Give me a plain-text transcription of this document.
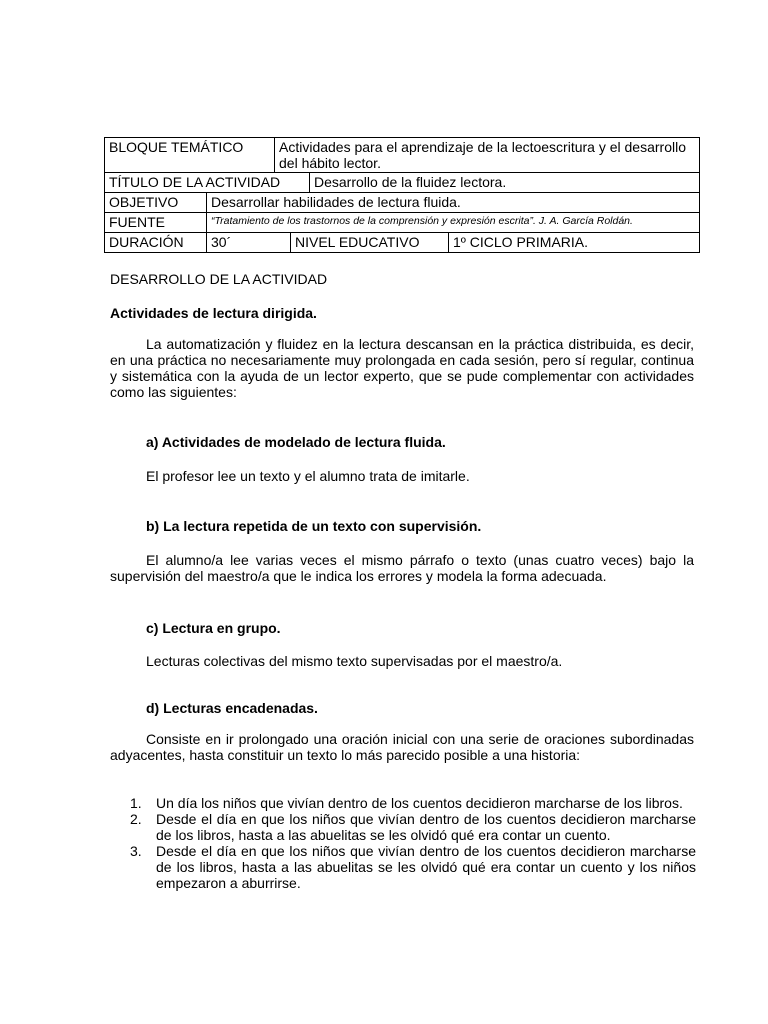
BLOQUE TEMÁTICO	Actividades para el aprendizaje de la lectoescritura y el desarrollo del hábito lector.
TÍTULO DE LA ACTIVIDAD	Desarrollo de la fluidez lectora.
OBJETIVO	Desarrollar habilidades de lectura fluida.
FUENTE	“Tratamiento de los trastornos de la comprensión y expresión escrita”. J. A. García Roldán.
DURACIÓN	30´	NIVEL EDUCATIVO	1º CICLO PRIMARIA.
DESARROLLO DE LA ACTIVIDAD
Actividades de lectura dirigida.
La automatización y fluidez en la lectura descansan en la práctica distribuida, es decir, en una práctica no necesariamente muy prolongada en cada sesión, pero sí regular, continua y sistemática con la ayuda de un lector experto, que se pude complementar con actividades como las siguientes:
a) Actividades de modelado de lectura fluida.
El profesor lee un texto y el alumno trata de imitarle.
b) La lectura repetida de un texto con supervisión.
El alumno/a lee varias veces el mismo párrafo o texto (unas cuatro veces) bajo la supervisión del maestro/a que le indica los errores y modela la forma adecuada.
c) Lectura en grupo.
Lecturas colectivas del mismo texto supervisadas por el maestro/a.
d) Lecturas encadenadas.
Consiste en ir prolongado una oración inicial con una serie de oraciones subordinadas adyacentes, hasta constituir un texto lo más parecido posible a una historia:
1.	Un día los niños que vivían dentro de los cuentos decidieron marcharse de los libros.
2.	Desde el día en que los niños que vivían dentro de los cuentos decidieron marcharse de los libros, hasta a las abuelitas se les olvidó qué era contar un cuento.
3.	Desde el día en que los niños que vivían dentro de los cuentos decidieron marcharse de los libros, hasta a las abuelitas se les olvidó qué era contar un cuento y los niños empezaron a aburrirse.
